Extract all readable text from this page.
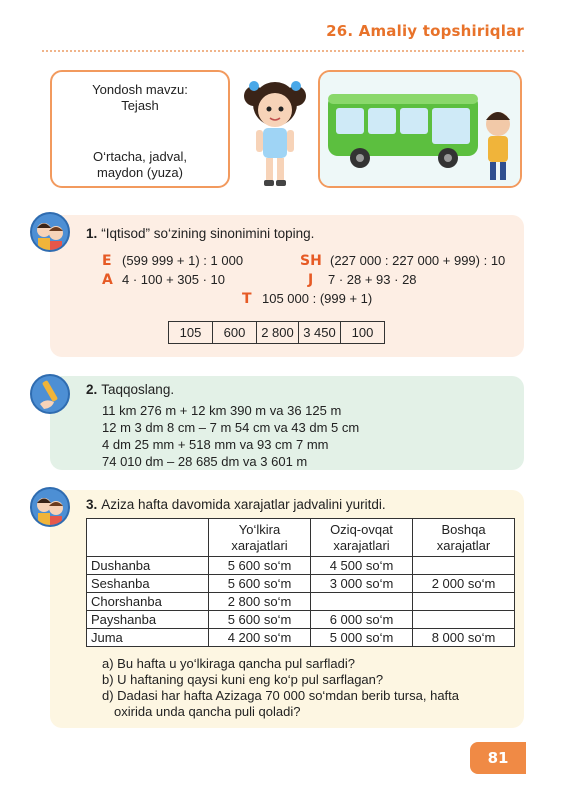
26. Amaliy topshiriqlar
Yondosh mavzu:
Tejash
O‘rtacha, jadval,
maydon (yuza)
1. “Iqtisod” so‘zining sinonimini toping.
E (599 999 + 1) : 1 000	SH (227 000 : 227 000 + 999) : 10
A 4 · 100 + 305 · 10	J 7 · 28 + 93 · 28
T 105 000 : (999 + 1)
105	600	2 800	3 450	100
2. Taqqoslang.
11 km 276 m + 12 km 390 m va 36 125 m
12 m 3 dm 8 cm – 7 m 54 cm va 43 dm 5 cm
4 dm 25 mm + 518 mm va 93 cm 7 mm
74 010 dm – 28 685 dm va 3 601 m
3. Aziza hafta davomida xarajatlar jadvalini yuritdi.
	Yo‘lkira xarajatlari	Oziq-ovqat xarajatlari	Boshqa xarajatlar
Dushanba	5 600 so‘m	4 500 so‘m	
Seshanba	5 600 so‘m	3 000 so‘m	2 000 so‘m
Chorshanba	2 800 so‘m		
Payshanba	5 600 so‘m	6 000 so‘m	
Juma	4 200 so‘m	5 000 so‘m	8 000 so‘m
a) Bu hafta u yo‘lkiraga qancha pul sarfladi?
b) U haftaning qaysi kuni eng ko‘p pul sarflagan?
d) Dadasi har hafta Azizaga 70 000 so‘mdan berib tursa, hafta
oxirida unda qancha puli qoladi?
81
